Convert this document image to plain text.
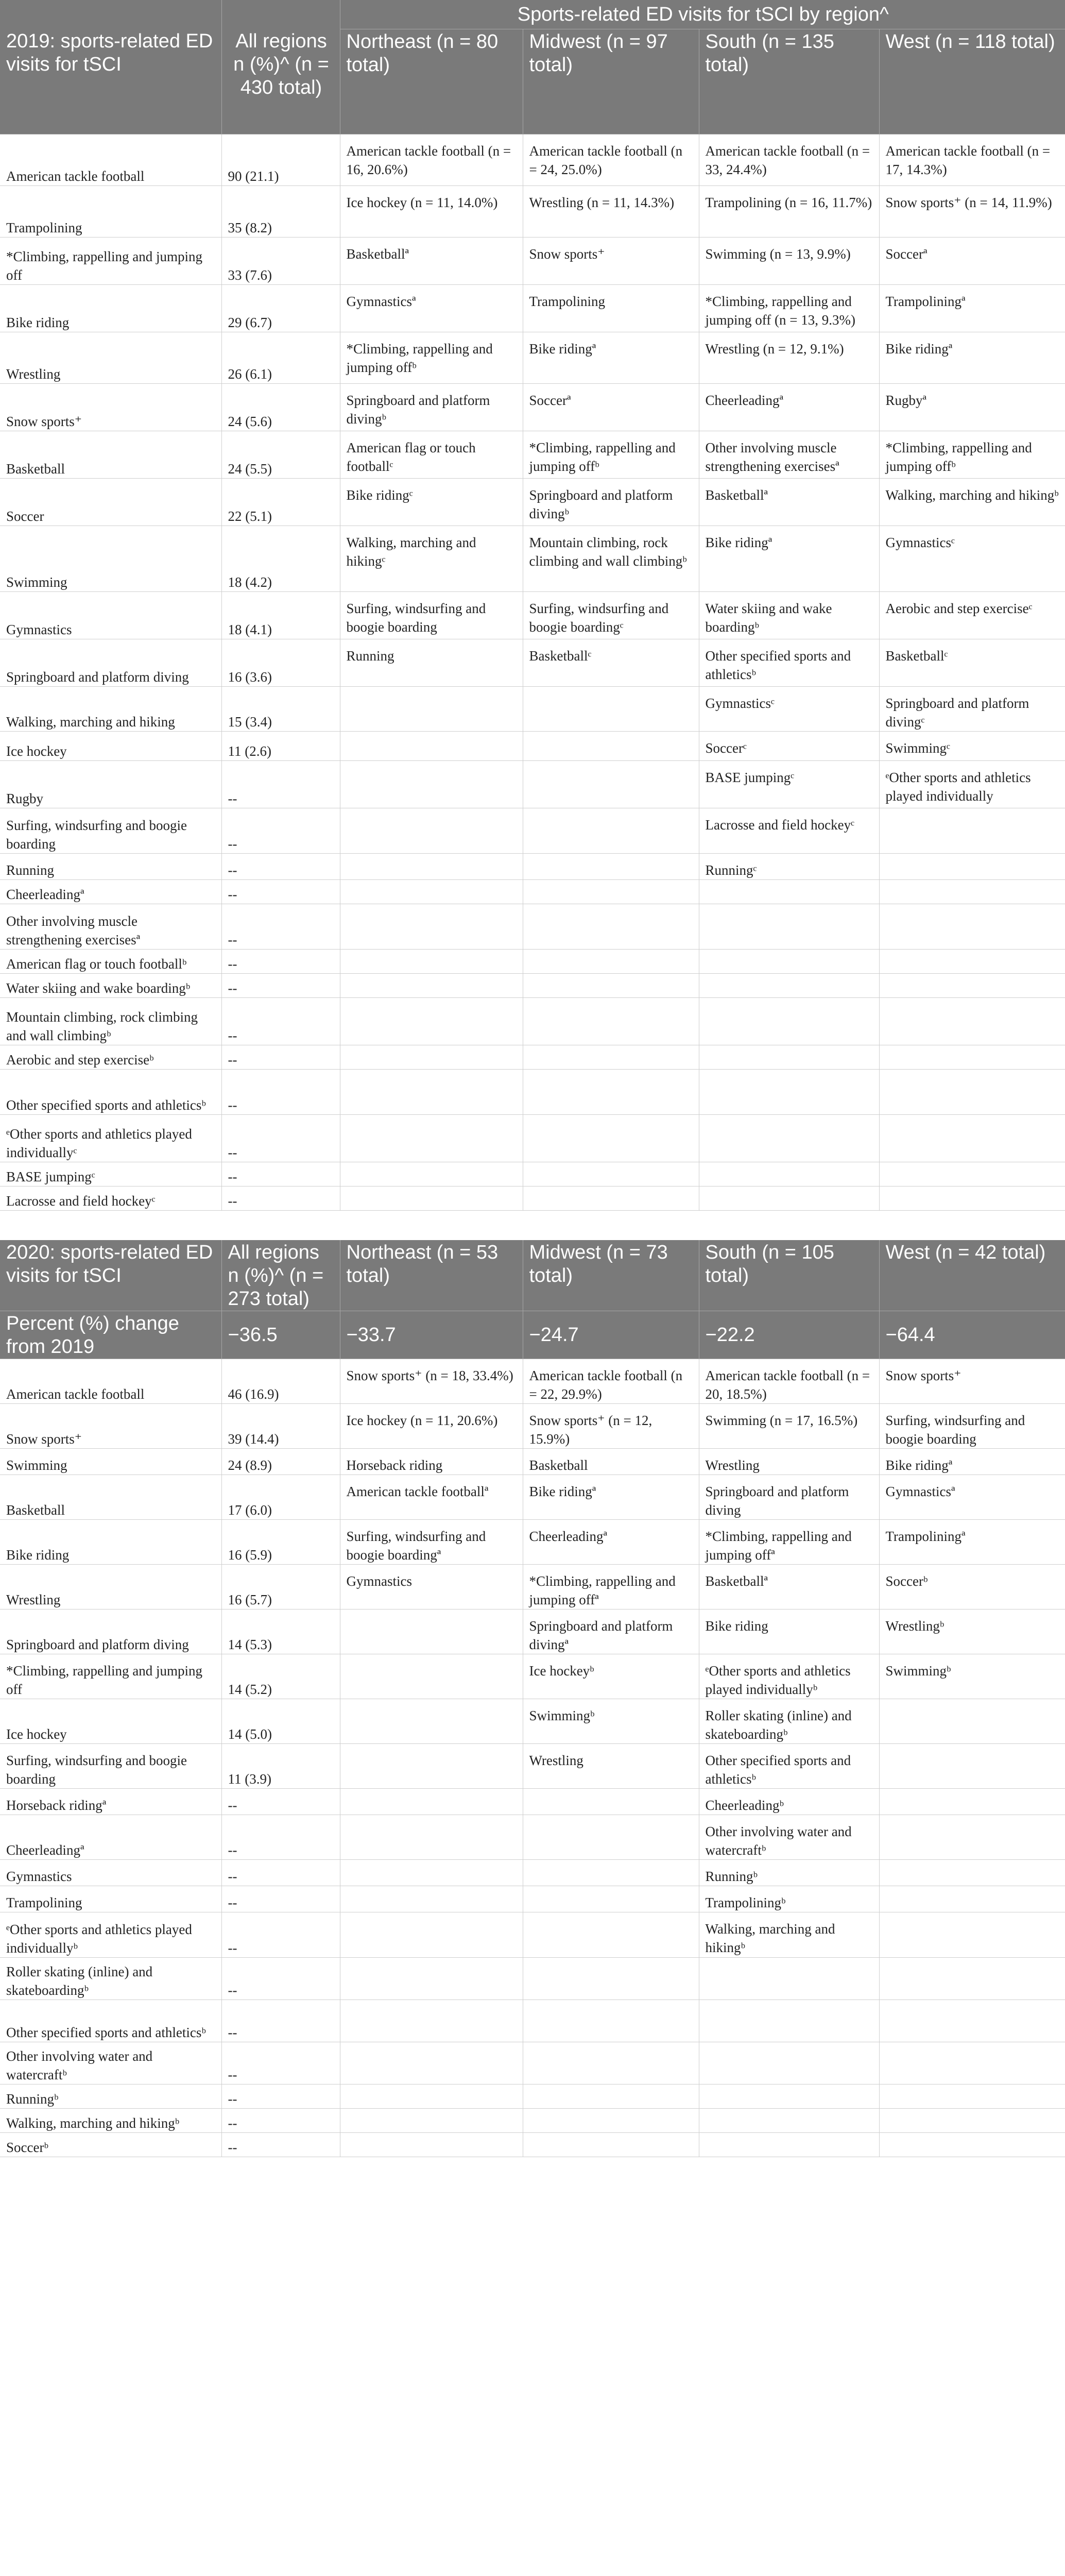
2019: sports-related ED visits for tSCI	All regions n (%)^ (n = 430 total)	Sports-related ED visits for tSCI by region^			
		Northeast (n = 80 total)	Midwest (n = 97 total)	South (n = 135 total)	West (n = 118 total)
American tackle football	90 (21.1)	American tackle football (n = 16, 20.6%)	American tackle football (n = 24, 25.0%)	American tackle football (n = 33, 24.4%)	American tackle football (n = 17, 14.3%)
Trampolining	35 (8.2)	Ice hockey (n = 11, 14.0%)	Wrestling (n = 11, 14.3%)	Trampolining (n = 16, 11.7%)	Snow sports⁺ (n = 14, 11.9%)
*Climbing, rappelling and jumping off	33 (7.6)	Basketballª	Snow sports⁺	Swimming (n = 13, 9.9%)	Soccerª
Bike riding	29 (6.7)	Gymnasticsª	Trampolining	*Climbing, rappelling and jumping off (n = 13, 9.3%)	Trampoliningª
Wrestling	26 (6.1)	*Climbing, rappelling and jumping offᵇ	Bike ridingª	Wrestling (n = 12, 9.1%)	Bike ridingª
Snow sports⁺	24 (5.6)	Springboard and platform divingᵇ	Soccerª	Cheerleadingª	Rugbyª
Basketball	24 (5.5)	American flag or touch footballᶜ	*Climbing, rappelling and jumping offᵇ	Other involving muscle strengthening exercisesª	*Climbing, rappelling and jumping offᵇ
Soccer	22 (5.1)	Bike ridingᶜ	Springboard and platform divingᵇ	Basketballª	Walking, marching and hikingᵇ
Swimming	18 (4.2)	Walking, marching and hikingᶜ	Mountain climbing, rock climbing and wall climbingᵇ	Bike ridingª	Gymnasticsᶜ
Gymnastics	18 (4.1)	Surfing, windsurfing and boogie boarding	Surfing, windsurfing and boogie boardingᶜ	Water skiing and wake boardingᵇ	Aerobic and step exerciseᶜ
Springboard and platform diving	16 (3.6)	Running	Basketballᶜ	Other specified sports and athleticsᵇ	Basketballᶜ
Walking, marching and hiking	15 (3.4)			Gymnasticsᶜ	Springboard and platform divingᶜ
Ice hockey	11 (2.6)			Soccerᶜ	Swimmingᶜ
Rugby	--			BASE jumpingᶜ	ᵉOther sports and athletics played individually
Surfing, windsurfing and boogie boarding	--			Lacrosse and field hockeyᶜ	
Running	--			Runningᶜ	
Cheerleadingª	--				
Other involving muscle strengthening exercisesª	--				
American flag or touch footballᵇ	--				
Water skiing and wake boardingᵇ	--				
Mountain climbing, rock climbing and wall climbingᵇ	--				
Aerobic and step exerciseᵇ	--				
Other specified sports and athleticsᵇ	--				
ᵉOther sports and athletics played individuallyᶜ	--				
BASE jumpingᶜ	--				
Lacrosse and field hockeyᶜ	--				
2020: sports-related ED visits for tSCI	All regions n (%)^ (n = 273 total)	Northeast (n = 53 total)	Midwest (n = 73 total)	South (n = 105 total)	West (n = 42 total)
Percent (%) change from 2019	−36.5	−33.7	−24.7	−22.2	−64.4
American tackle football	46 (16.9)	Snow sports⁺ (n = 18, 33.4%)	American tackle football (n = 22, 29.9%)	American tackle football (n = 20, 18.5%)	Snow sports⁺
Snow sports⁺	39 (14.4)	Ice hockey (n = 11, 20.6%)	Snow sports⁺ (n = 12, 15.9%)	Swimming (n = 17, 16.5%)	Surfing, windsurfing and boogie boarding
Swimming	24 (8.9)	Horseback riding	Basketball	Wrestling	Bike ridingª
Basketball	17 (6.0)	American tackle footballª	Bike ridingª	Springboard and platform diving	Gymnasticsª
Bike riding	16 (5.9)	Surfing, windsurfing and boogie boardingª	Cheerleadingª	*Climbing, rappelling and jumping offª	Trampoliningª
Wrestling	16 (5.7)	Gymnastics	*Climbing, rappelling and jumping offª	Basketballª	Soccerᵇ
Springboard and platform diving	14 (5.3)		Springboard and platform divingª	Bike riding	Wrestlingᵇ
*Climbing, rappelling and jumping off	14 (5.2)		Ice hockeyᵇ	ᵉOther sports and athletics played individuallyᵇ	Swimmingᵇ
Ice hockey	14 (5.0)		Swimmingᵇ	Roller skating (inline) and skateboardingᵇ	
Surfing, windsurfing and boogie boarding	11 (3.9)		Wrestling	Other specified sports and athleticsᵇ	
Horseback ridingª	--			Cheerleadingᵇ	
Cheerleadingª	--			Other involving water and watercraftᵇ	
Gymnastics	--			Runningᵇ	
Trampolining	--			Trampoliningᵇ	
ᵉOther sports and athletics played individuallyᵇ	--			Walking, marching and hikingᵇ	
Roller skating (inline) and skateboardingᵇ	--				
Other specified sports and athleticsᵇ	--				
Other involving water and watercraftᵇ	--				
Runningᵇ	--				
Walking, marching and hikingᵇ	--				
Soccerᵇ	--				
